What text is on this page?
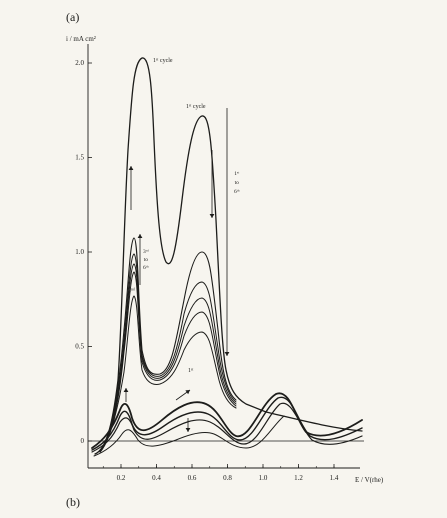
2.0
1.5
1.0
0.5
0
0.2	0.4	0.6	0.8	1.0	1.2	1.4
(a)
(b)
i / mA cm²
E / V(rhe)
1ˢᵗ cycle
1ˢᵗ cycle
1ˢᵗ
to
6ᵗʰ
3ʳᵈ
to
6ᵗʰ
2ⁿᵈ
1ˢᵗ
